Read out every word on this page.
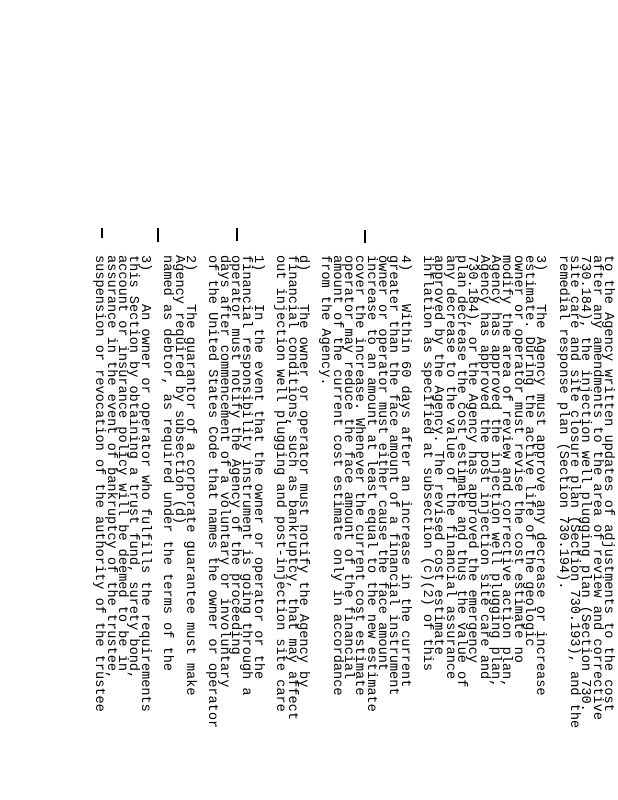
to the Agency written updates of adjustments to the cost
after any amendments to the area of review and corrective
730.184), the injection well plugging plan (Section 730.
site care and site closure plan (Section 730.193), and the
remedial response plan (Section 730.194).
3)    The Agency must approve any decrease or increase
estimate. During the active life of the geologic
owner or operator must revise the cost estimate no
modify the area of review and corrective action plan,
Agency has approved the injection well plugging plan,
Agency has approved the post injection site care and
730.184), or the Agency has approved the emergency
plan decrease the cost estimate and thus the value of
any decrease to the value of the financial assurance
approved by the Agency. The revised cost estimate
inflation as specified at subsection (c)(2) of this
4)    Within 60 days after an increase in the current
greater than the face amount of a financial instrument
owner or operator must either cause the face amount
increase to an amount at least equal to the new estimate
cover the increase. Whenever the current cost estimate
operator may reduce the face amount of the financial
amount of the current cost estimate only in accordance
from the Agency.
d)    The owner or operator must notify the Agency by
financial conditions, such as bankruptcy, that may affect
out injection well plugging and post-injection site care
1)    In the event that the owner or operator or the
financial responsibility instrument is going through a
operator must notify the Agency of the proceeding
days after commencement of a voluntary or involuntary
of the United States Code that names the owner or operator
2)    The guarantor of a corporate guarantee must make
Agency required by subsection (d)
named as debtor, as required under the terms of the
3)    An owner or operator who fulfills the requirements
this Section by obtaining a trust fund, surety bond,
account or insurance policy will be deemed to be in
assurance in the event of bankruptcy of the trustee,
suspension or revocation of the authority of the trustee
